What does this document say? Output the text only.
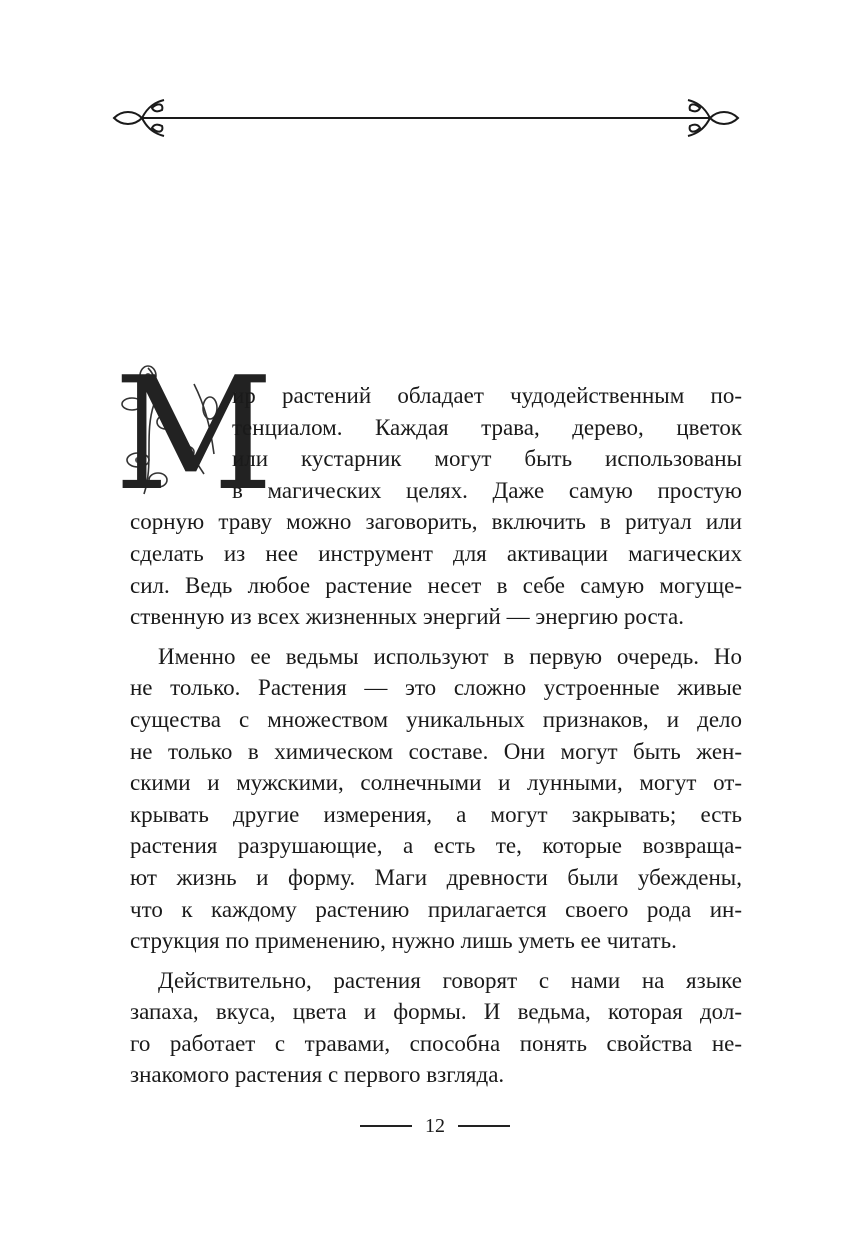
М
ир растений обладает чудодейственным по-
тенциалом. Каждая трава, дерево, цветок
или кустарник могут быть использованы
в магических целях. Даже самую простую
сорную траву можно заговорить, включить в ритуал или
сделать из нее инструмент для активации магических
сил. Ведь любое растение несет в себе самую могуще-
ственную из всех жизненных энергий — энергию роста.
Именно ее ведьмы используют в первую очередь. Но
не только. Растения — это сложно устроенные живые
существа с множеством уникальных признаков, и дело
не только в химическом составе. Они могут быть жен-
скими и мужскими, солнечными и лунными, могут от-
крывать другие измерения, а могут закрывать; есть
растения разрушающие, а есть те, которые возвраща-
ют жизнь и форму. Маги древности были убеждены,
что к каждому растению прилагается своего рода ин-
струкция по применению, нужно лишь уметь ее читать.
Действительно, растения говорят с нами на языке
запаха, вкуса, цвета и формы. И ведьма, которая дол-
го работает с травами, способна понять свойства не-
знакомого растения с первого взгляда.
12
